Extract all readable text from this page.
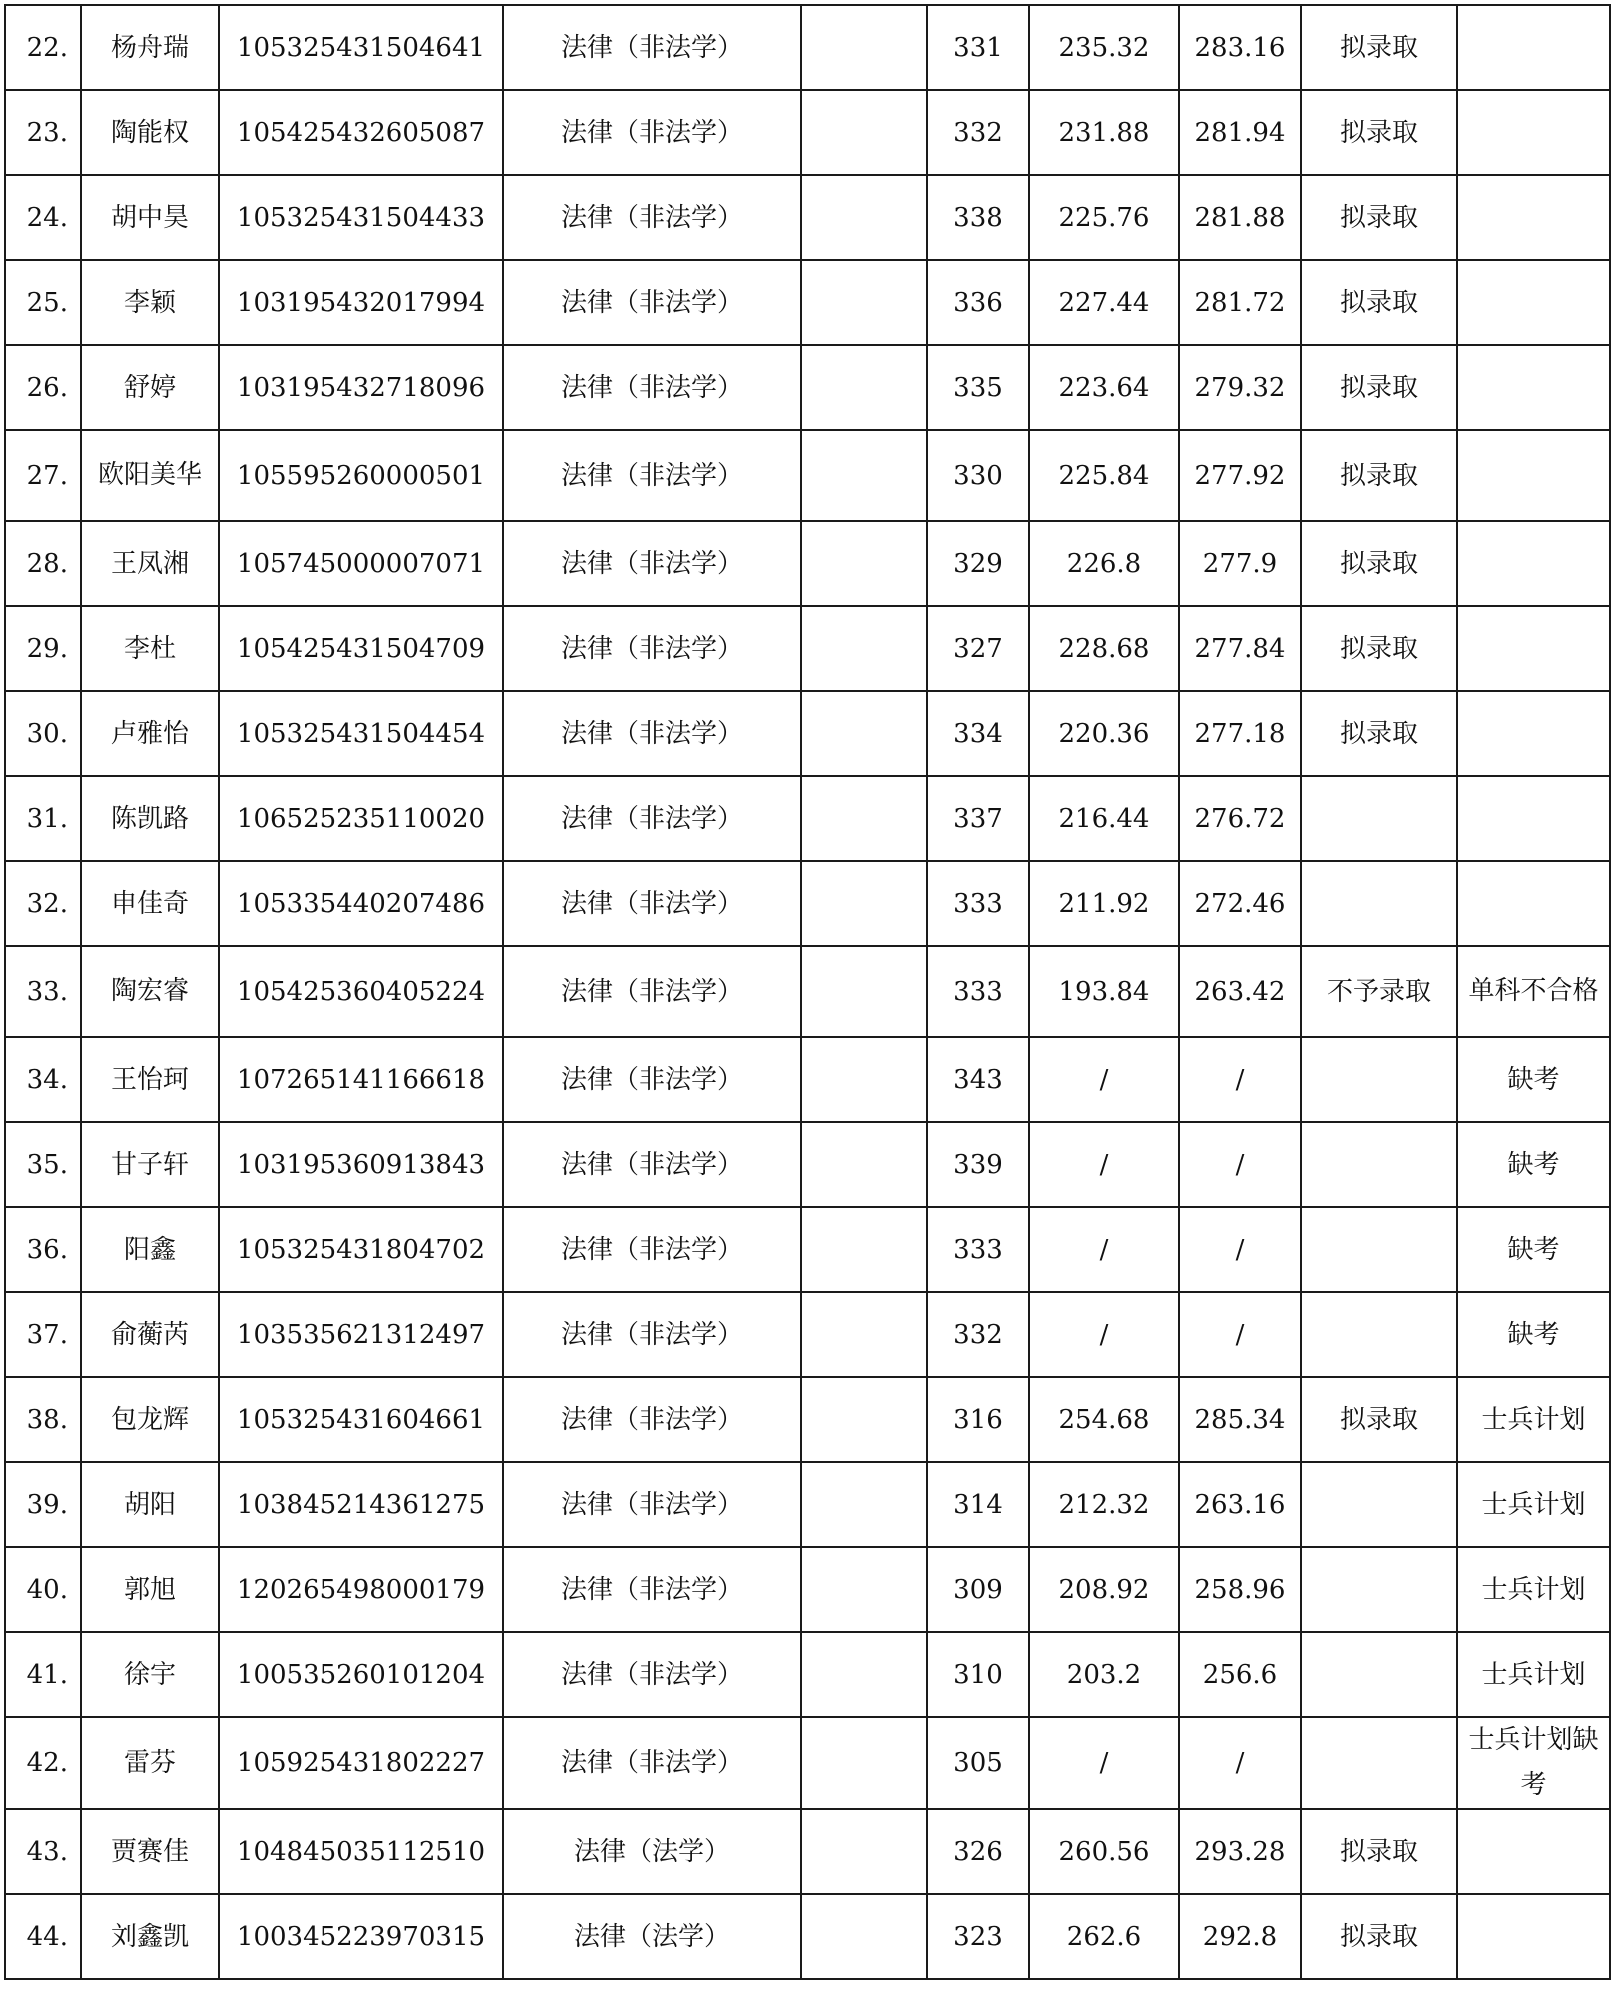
22.	杨舟瑞	105325431504641	法律（非法学）		331	235.32	283.16	拟录取	
23.	陶能权	105425432605087	法律（非法学）		332	231.88	281.94	拟录取	
24.	胡中昊	105325431504433	法律（非法学）		338	225.76	281.88	拟录取	
25.	李颖	103195432017994	法律（非法学）		336	227.44	281.72	拟录取	
26.	舒婷	103195432718096	法律（非法学）		335	223.64	279.32	拟录取	
27.	欧阳美华	105595260000501	法律（非法学）		330	225.84	277.92	拟录取	
28.	王凤湘	105745000007071	法律（非法学）		329	226.8	277.9	拟录取	
29.	李杜	105425431504709	法律（非法学）		327	228.68	277.84	拟录取	
30.	卢雅怡	105325431504454	法律（非法学）		334	220.36	277.18	拟录取	
31.	陈凯路	106525235110020	法律（非法学）		337	216.44	276.72		
32.	申佳奇	105335440207486	法律（非法学）		333	211.92	272.46		
33.	陶宏睿	105425360405224	法律（非法学）		333	193.84	263.42	不予录取	单科不合格
34.	王怡珂	107265141166618	法律（非法学）		343	/	/		缺考
35.	甘子轩	103195360913843	法律（非法学）		339	/	/		缺考
36.	阳鑫	105325431804702	法律（非法学）		333	/	/		缺考
37.	俞蘅芮	103535621312497	法律（非法学）		332	/	/		缺考
38.	包龙辉	105325431604661	法律（非法学）		316	254.68	285.34	拟录取	士兵计划
39.	胡阳	103845214361275	法律（非法学）		314	212.32	263.16		士兵计划
40.	郭旭	120265498000179	法律（非法学）		309	208.92	258.96		士兵计划
41.	徐宇	100535260101204	法律（非法学）		310	203.2	256.6		士兵计划
42.	雷芬	105925431802227	法律（非法学）		305	/	/		士兵计划缺考
43.	贾赛佳	104845035112510	法律（法学）		326	260.56	293.28	拟录取	
44.	刘鑫凯	100345223970315	法律（法学）		323	262.6	292.8	拟录取	
